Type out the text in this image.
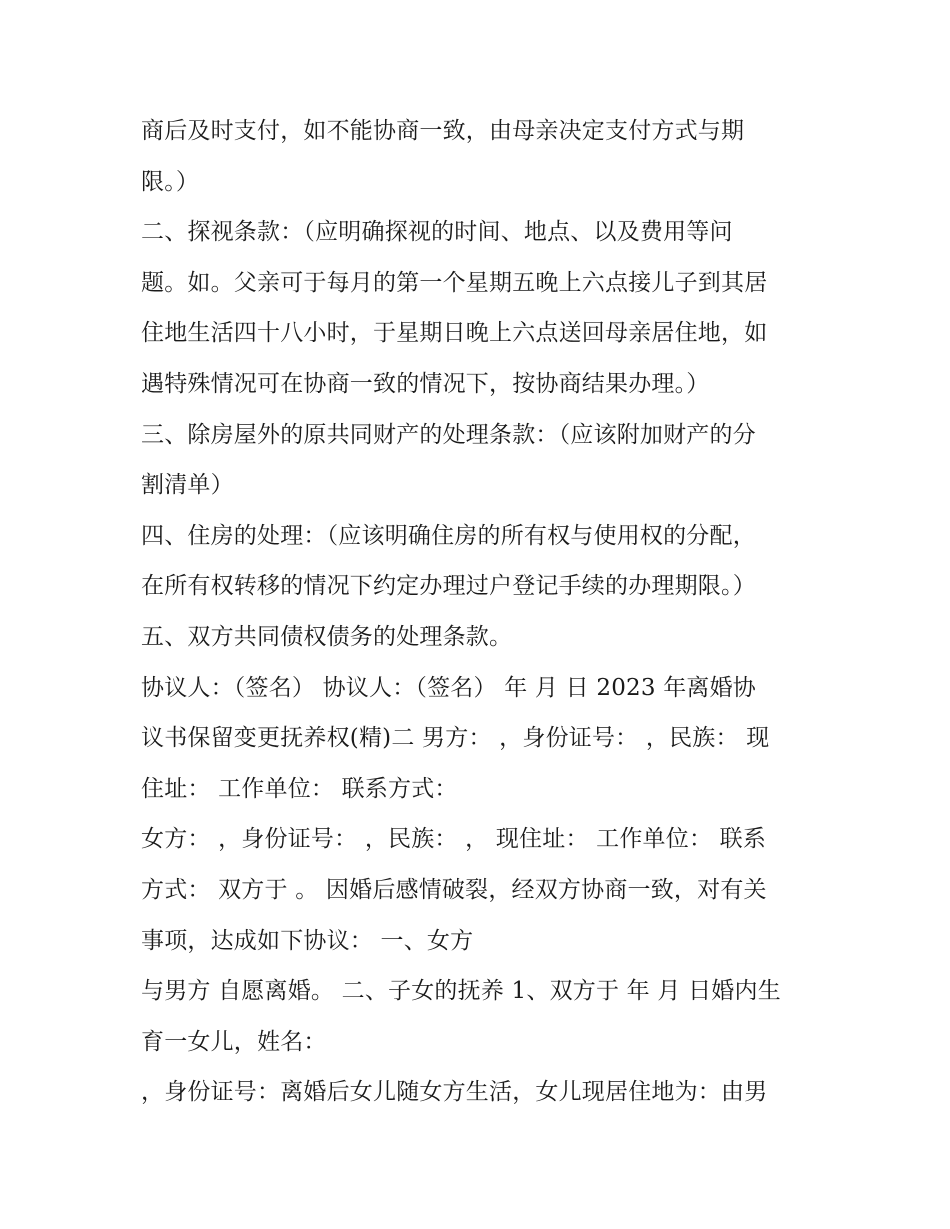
商后及时支付，如不能协商一致，由母亲决定支付方式与期
限。）
二、探视条款：（应明确探视的时间、地点、以及费用等问
题。如。父亲可于每月的第一个星期五晚上六点接儿子到其居
住地生活四十八小时，于星期日晚上六点送回母亲居住地，如
遇特殊情况可在协商一致的情况下，按协商结果办理。）
三、除房屋外的原共同财产的处理条款：（应该附加财产的分
割清单）
四、住房的处理：（应该明确住房的所有权与使用权的分配，
在所有权转移的情况下约定办理过户登记手续的办理期限。）
五、双方共同债权债务的处理条款。
协议人：（签名） 协议人：（签名） 年 月 日 2023 年离婚协
议书保留变更抚养权(精)二 男方： ，身份证号： ，民族： 现
住址： 工作单位： 联系方式：
女方： ，身份证号： ，民族： ， 现住址： 工作单位： 联系
方式： 双方于 。 因婚后感情破裂，经双方协商一致，对有关
事项，达成如下协议： 一、女方
与男方 自愿离婚。 二、子女的抚养 1、双方于 年 月 日婚内生
育一女儿，姓名：
，身份证号：离婚后女儿随女方生活，女儿现居住地为：由男
